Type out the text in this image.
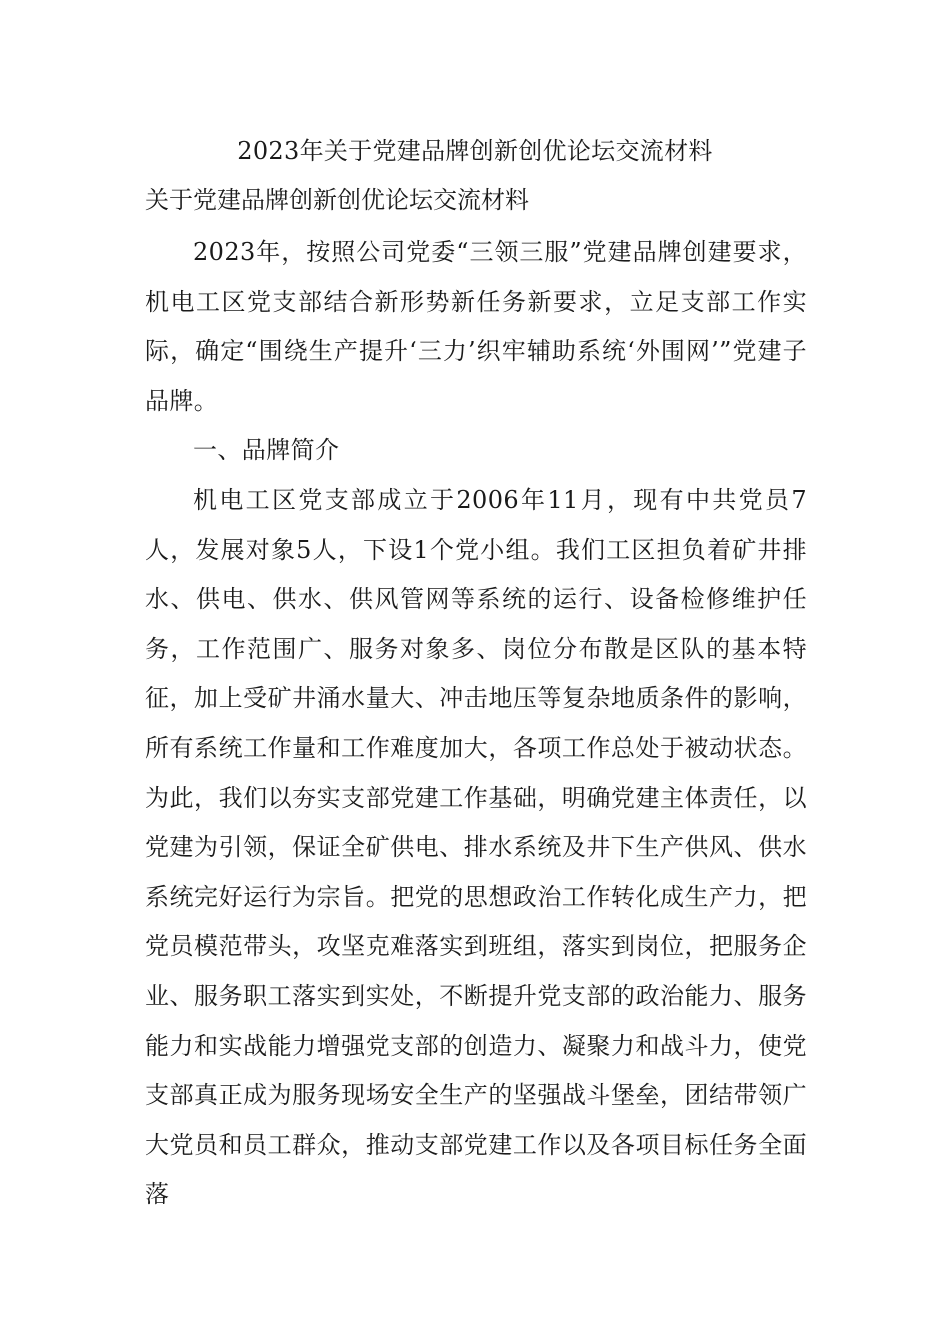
2023年关于党建品牌创新创优论坛交流材料
关于党建品牌创新创优论坛交流材料

2023年，按照公司党委“三领三服”党建品牌创建要求，机电工区党支部结合新形势新任务新要求，立足支部工作实际，确定“围绕生产提升‘三力’织牢辅助系统‘外围网’”党建子品牌。

一、品牌简介

机电工区党支部成立于2006年11月，现有中共党员7人，发展对象5人，下设1个党小组。我们工区担负着矿井排水、供电、供水、供风管网等系统的运行、设备检修维护任务，工作范围广、服务对象多、岗位分布散是区队的基本特征，加上受矿井涌水量大、冲击地压等复杂地质条件的影响，所有系统工作量和工作难度加大，各项工作总处于被动状态。为此，我们以夯实支部党建工作基础，明确党建主体责任，以党建为引领，保证全矿供电、排水系统及井下生产供风、供水系统完好运行为宗旨。把党的思想政治工作转化成生产力，把党员模范带头，攻坚克难落实到班组，落实到岗位，把服务企业、服务职工落实到实处，不断提升党支部的政治能力、服务能力和实战能力增强党支部的创造力、凝聚力和战斗力，使党支部真正成为服务现场安全生产的坚强战斗堡垒，团结带领广大党员和员工群众，推动支部党建工作以及各项目标任务全面落
